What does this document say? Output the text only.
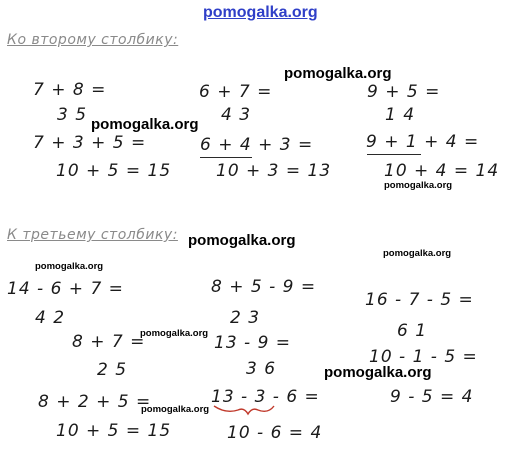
pomogalka.org
Ко второму столбику:
7 + 8 =
3 5
7 + 3 + 5 =
10 + 5 = 15
6 + 7 =
4 3
6 + 4 + 3 =
10 + 3 = 13
9 + 5 =
1 4
9 + 1 + 4 =
10 + 4 = 14
К третьему столбику:
14 - 6 + 7 =
4 2
8 + 7 =
2 5
8 + 2 + 5 =
10 + 5 = 15
8 + 5 - 9 =
2 3
13 - 9 =
3 6
13 - 3 - 6 =
10 - 6 = 4
16 - 7 - 5 =
6 1
10 - 1 - 5 =
9 - 5 = 4
pomogalka.org
pomogalka.org
pomogalka.org
pomogalka.org
pomogalka.org
pomogalka.org
pomogalka.org
pomogalka.org
pomogalka.org
